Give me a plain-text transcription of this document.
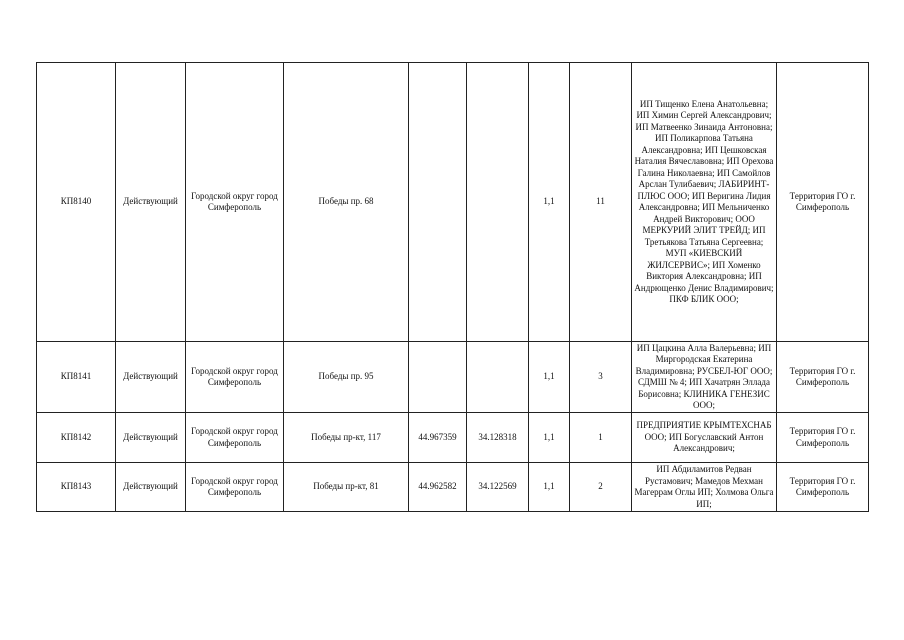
КП8140	Действующий	Городской округ город Симферополь	Победы пр. 68			1,1	11	ИП Тищенко Елена Анатольевна; ИП Химин Сергей Александрович; ИП Матвеенко Зинаида Антоновна; ИП Поликарпова Татьяна Александровна; ИП Цешковская Наталия Вячеславовна; ИП Орехова Галина Николаевна; ИП Самойлов Арслан Тулибаевич; ЛАБИРИНТ-ПЛЮС ООО; ИП Веригина Лидия Александровна; ИП Мельниченко Андрей Викторович; ООО МЕРКУРИЙ ЭЛИТ ТРЕЙД; ИП Третьякова Татьяна Сергеевна; МУП «КИЕВСКИЙ ЖИЛСЕРВИС»; ИП Хоменко Виктория Александровна; ИП Андрющенко Денис Владимирович; ПКФ БЛИК ООО;	Территория ГО г. Симферополь
КП8141	Действующий	Городской округ город Симферополь	Победы пр. 95			1,1	3	ИП Цацкина Алла Валерьевна; ИП Миргородская Екатерина Владимировна; РУСБЕЛ-ЮГ ООО; СДМШ № 4; ИП Хачатрян Эллада Борисовна; КЛИНИКА ГЕНЕЗИС ООО;	Территория ГО г. Симферополь
КП8142	Действующий	Городской округ город Симферополь	Победы пр-кт, 117	44.967359	34.128318	1,1	1	ПРЕДПРИЯТИЕ КРЫМТЕХСНАБ ООО; ИП Богуславский Антон Александрович;	Территория ГО г. Симферополь
КП8143	Действующий	Городской округ город Симферополь	Победы пр-кт, 81	44.962582	34.122569	1,1	2	ИП Абдиламитов Редван Рустамович; Мамедов Мехман Магеррам Оглы ИП; Холмова Ольга ИП;	Территория ГО г. Симферополь
